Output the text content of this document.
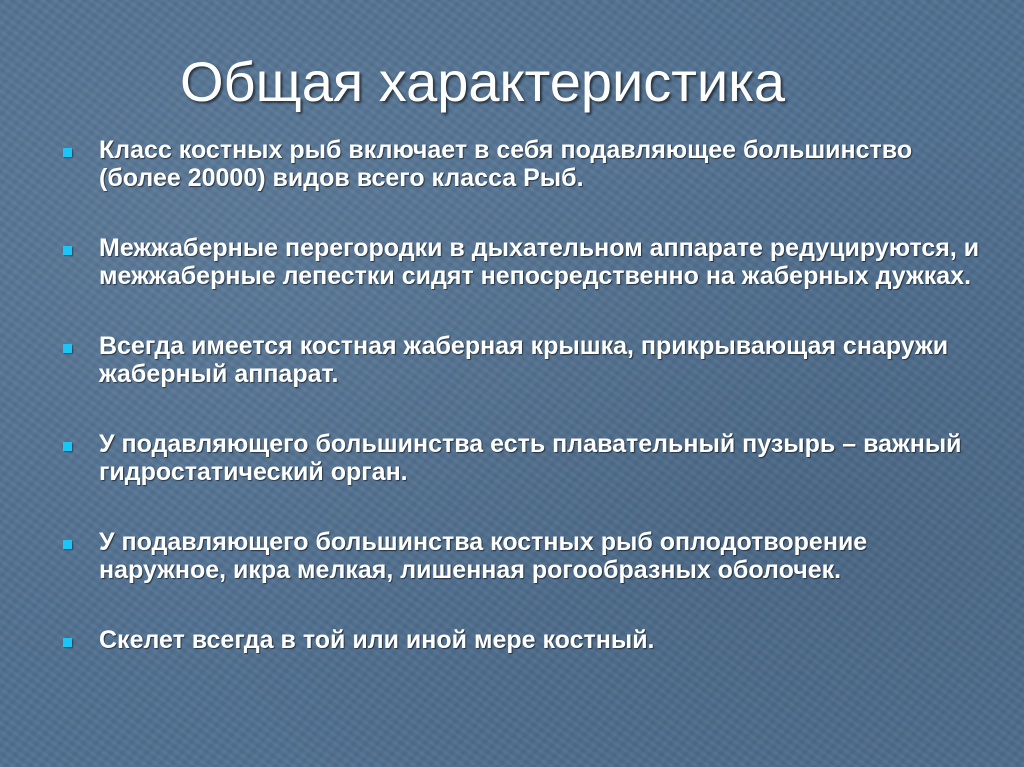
Общая характеристика
Класс костных рыб включает в себя подавляющее большинство (более 20000) видов всего класса Рыб.
Межжаберные перегородки в дыхательном аппарате редуцируются, и межжаберные лепестки сидят непосредственно на жаберных дужках.
Всегда имеется костная жаберная крышка, прикрывающая снаружи жаберный аппарат.
У подавляющего большинства есть плавательный пузырь – важный гидростатический орган.
У подавляющего большинства костных рыб оплодотворение наружное, икра мелкая, лишенная рогообразных оболочек.
Скелет всегда в той или иной мере костный.
